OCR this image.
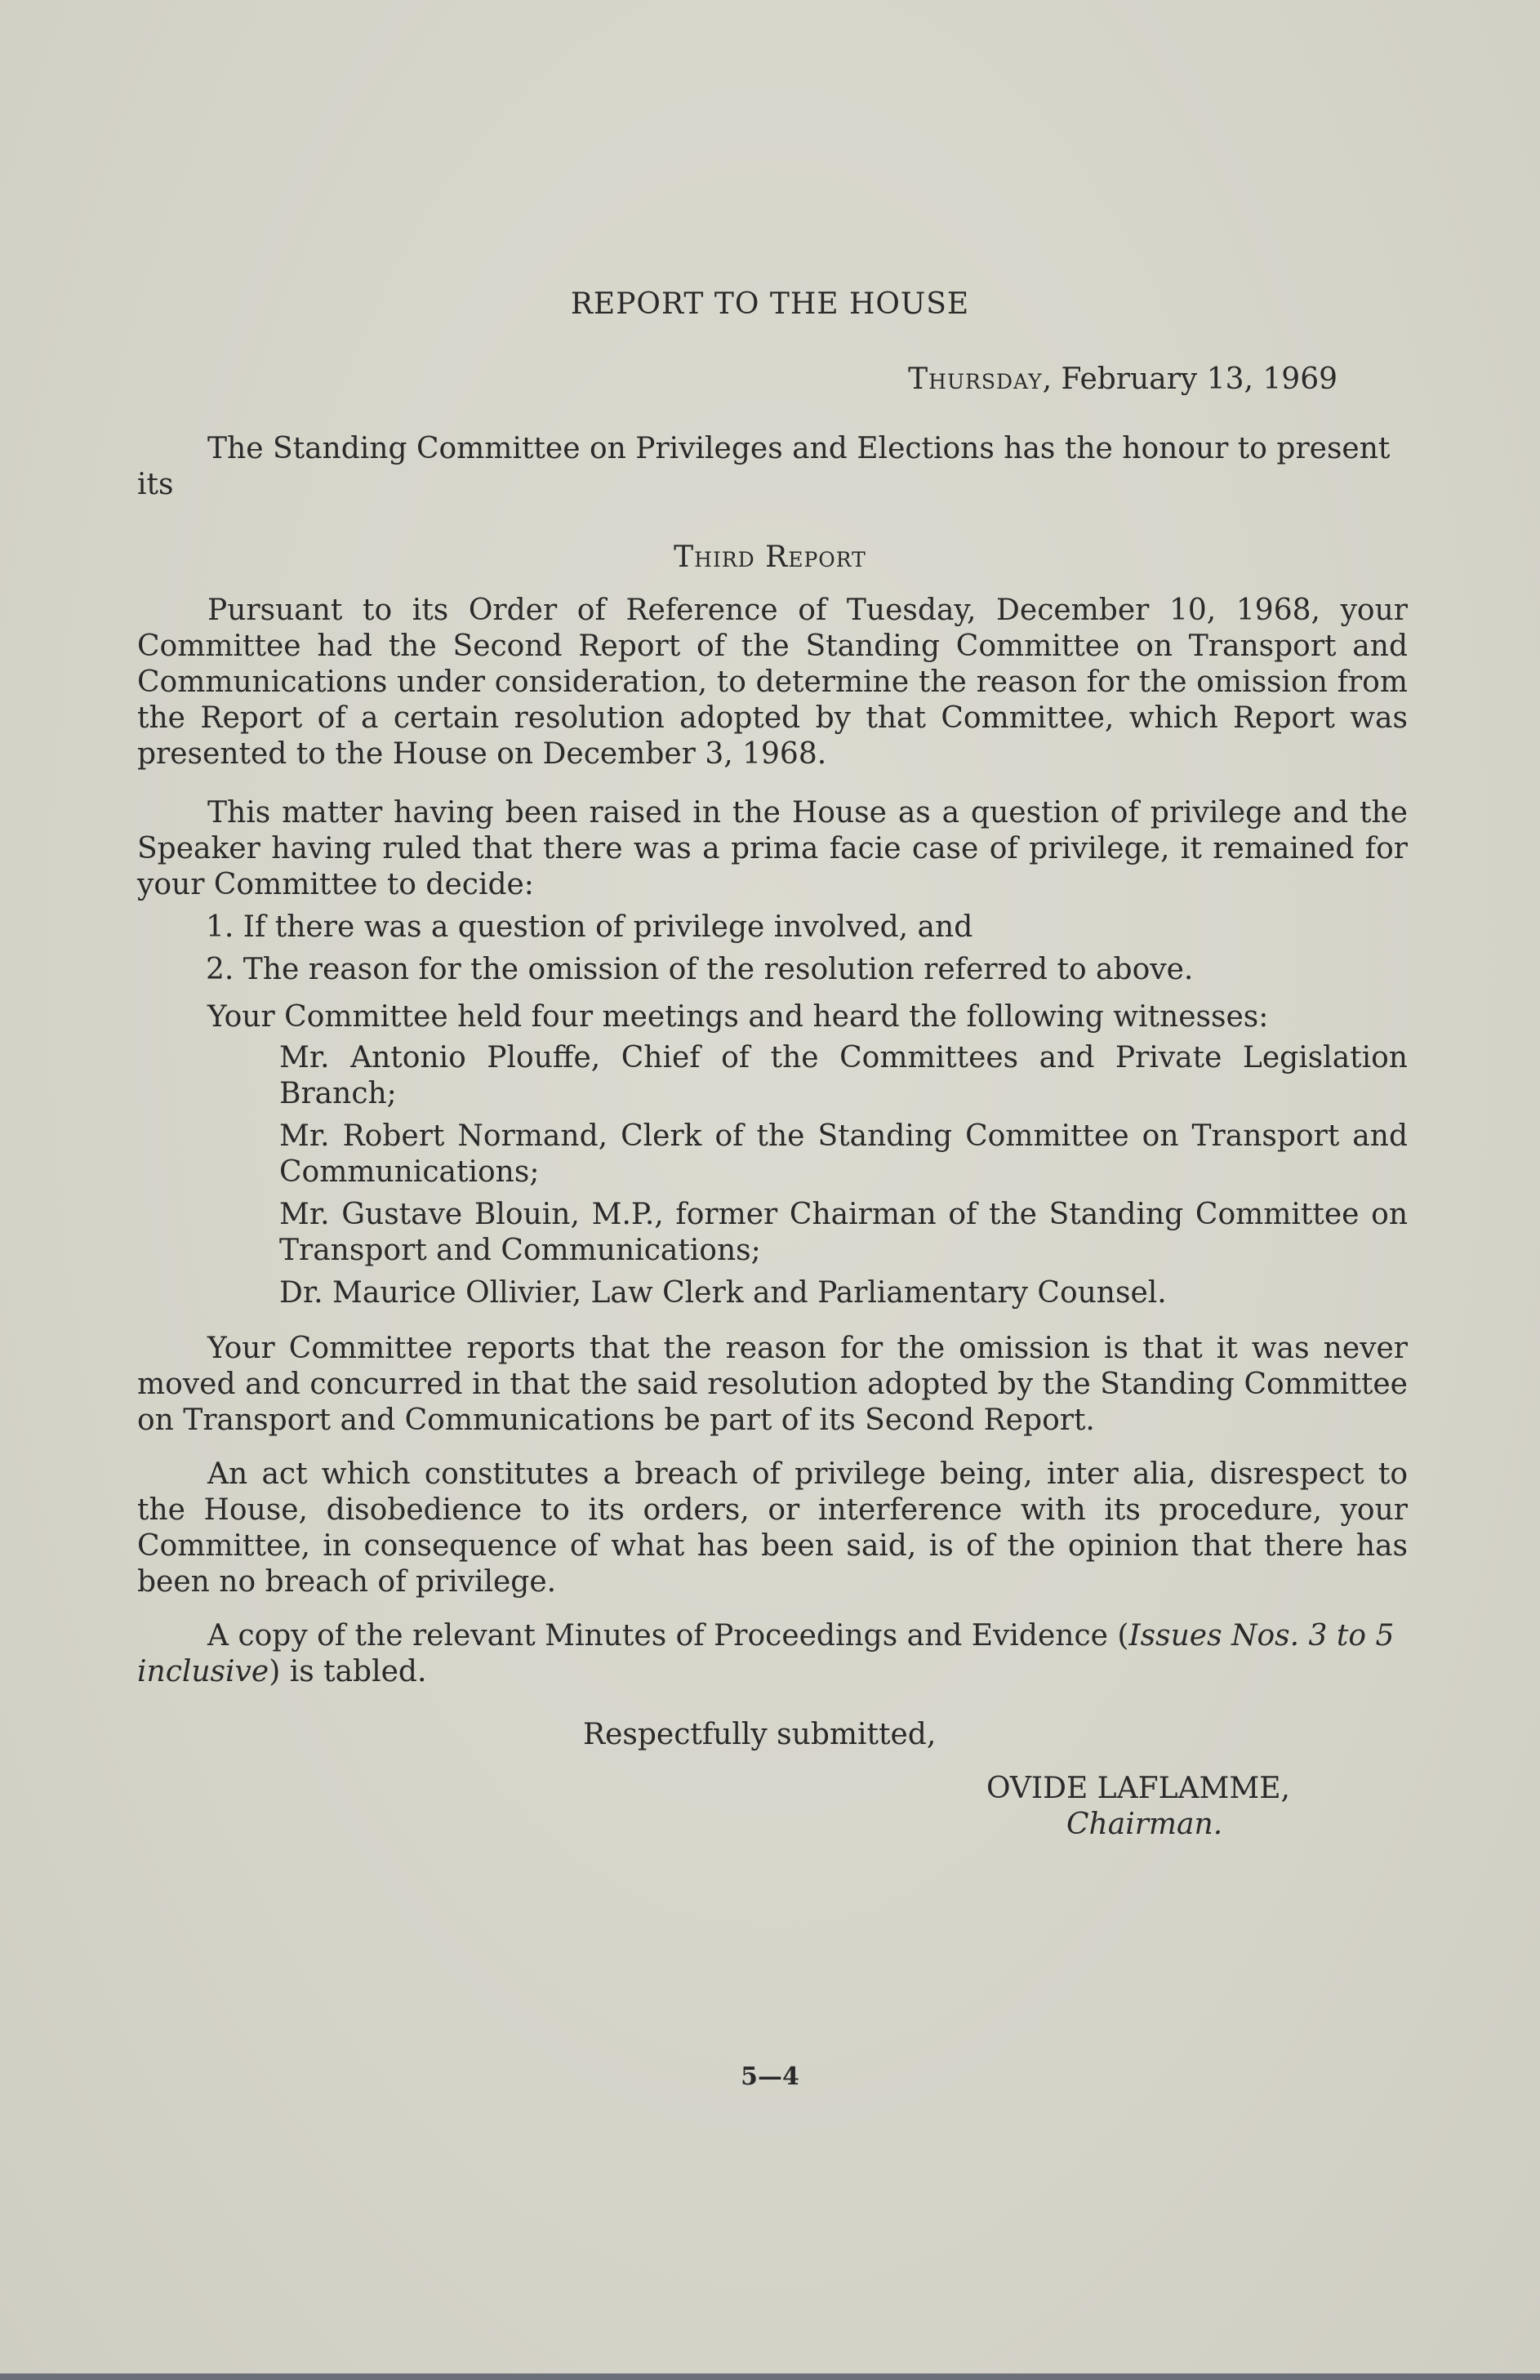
REPORT TO THE HOUSE
Thursday, February 13, 1969

The Standing Committee on Privileges and Elections has the honour to present its

Third Report

Pursuant to its Order of Reference of Tuesday, December 10, 1968, your Committee had the Second Report of the Standing Committee on Transport and Communications under consideration, to determine the reason for the omission from the Report of a certain resolution adopted by that Committee, which Report was presented to the House on December 3, 1968.

This matter having been raised in the House as a question of privilege and the Speaker having ruled that there was a prima facie case of privilege, it remained for your Committee to decide:

1. If there was a question of privilege involved, and

2. The reason for the omission of the resolution referred to above.

Your Committee held four meetings and heard the following witnesses:

Mr. Antonio Plouffe, Chief of the Committees and Private Legislation Branch;

Mr. Robert Normand, Clerk of the Standing Committee on Transport and Communications;

Mr. Gustave Blouin, M.P., former Chairman of the Standing Committee on Transport and Communications;

Dr. Maurice Ollivier, Law Clerk and Parliamentary Counsel.

Your Committee reports that the reason for the omission is that it was never moved and concurred in that the said resolution adopted by the Standing Committee on Transport and Communications be part of its Second Report.

An act which constitutes a breach of privilege being, inter alia, disrespect to the House, disobedience to its orders, or interference with its procedure, your Committee, in consequence of what has been said, is of the opinion that there has been no breach of privilege.

A copy of the relevant Minutes of Proceedings and Evidence (Issues Nos. 3 to 5 inclusive) is tabled.

Respectfully submitted,
OVIDE LAFLAMME,
Chairman.
5—4
